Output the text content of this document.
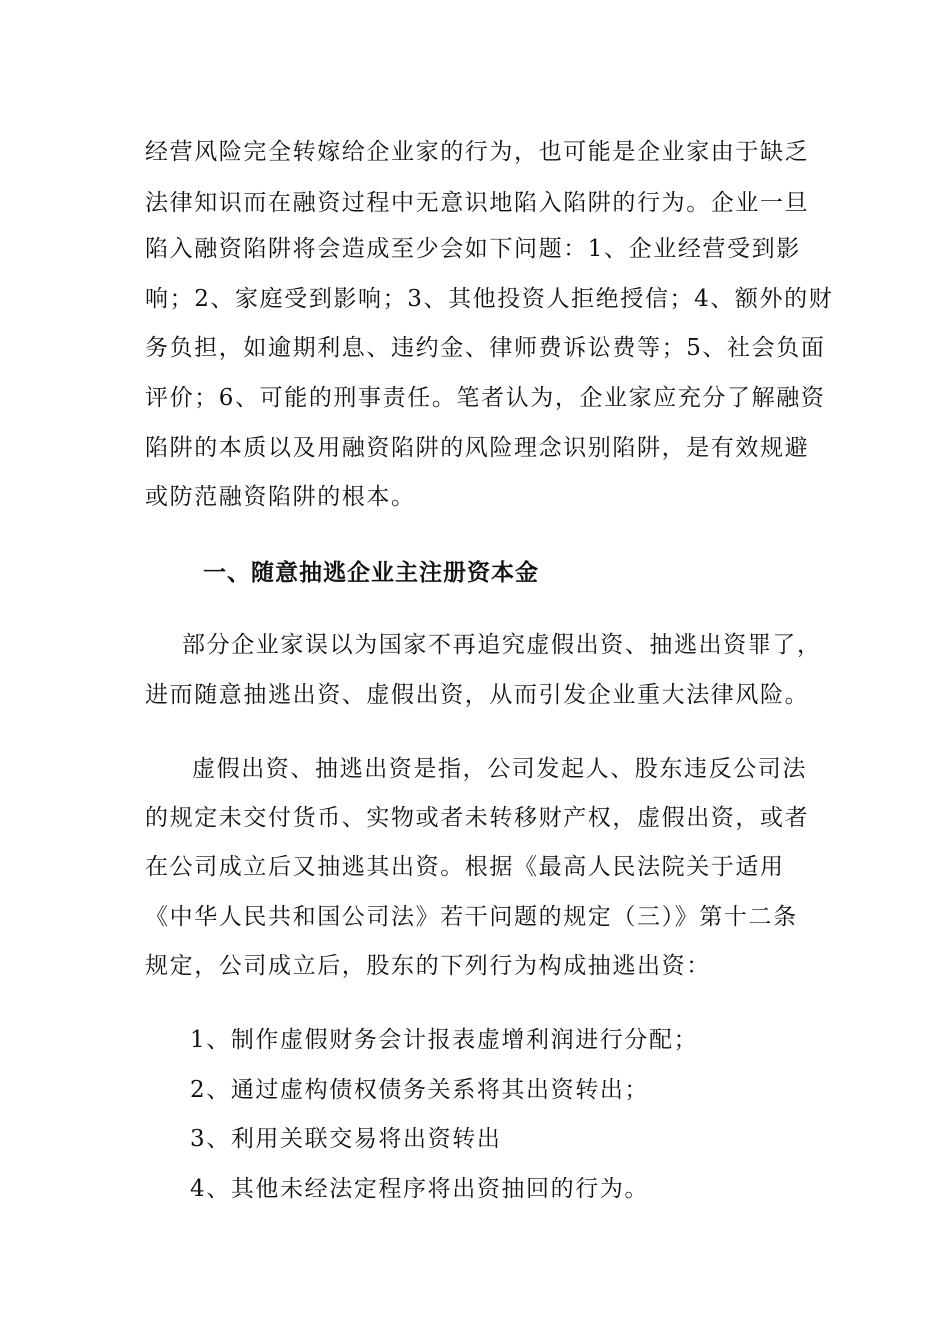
经营风险完全转嫁给企业家的行为，也可能是企业家由于缺乏
法律知识而在融资过程中无意识地陷入陷阱的行为。企业一旦
陷入融资陷阱将会造成至少会如下问题：1、企业经营受到影
响；2、家庭受到影响；3、其他投资人拒绝授信；4、额外的财
务负担，如逾期利息、违约金、律师费诉讼费等；5、社会负面
评价；6、可能的刑事责任。笔者认为，企业家应充分了解融资
陷阱的本质以及用融资陷阱的风险理念识别陷阱，是有效规避
或防范融资陷阱的根本。
一、随意抽逃企业主注册资本金
部分企业家误以为国家不再追究虚假出资、抽逃出资罪了，
进而随意抽逃出资、虚假出资，从而引发企业重大法律风险。
虚假出资、抽逃出资是指，公司发起人、股东违反公司法
的规定未交付货币、实物或者未转移财产权，虚假出资，或者
在公司成立后又抽逃其出资。根据《最高人民法院关于适用
《中华人民共和国公司法》若干问题的规定（三）》第十二条
规定，公司成立后，股东的下列行为构成抽逃出资：
1、制作虚假财务会计报表虚增利润进行分配；
2、通过虚构债权债务关系将其出资转出；
3、利用关联交易将出资转出
4、其他未经法定程序将出资抽回的行为。
